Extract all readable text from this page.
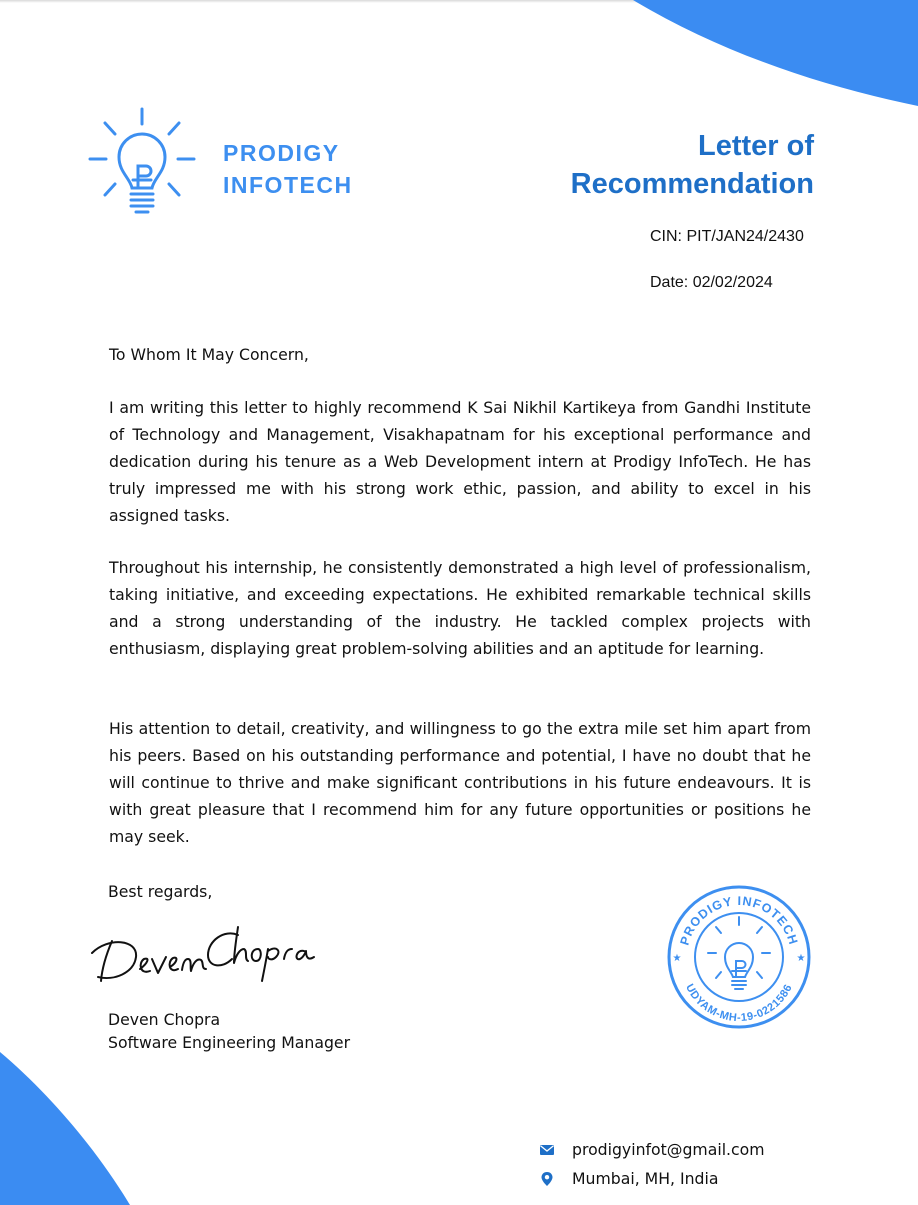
PRODIGY
INFOTECH
Letter of
Recommendation
CIN: PIT/JAN24/2430
Date: 02/02/2024
To Whom It May Concern,

I am writing this letter to highly recommend K Sai Nikhil Kartikeya from Gandhi Institute of Technology and Management, Visakhapatnam for his exceptional performance and dedication during his tenure as a Web Development intern at Prodigy InfoTech. He has truly impressed me with his strong work ethic, passion, and ability to excel in his assigned tasks.

Throughout his internship, he consistently demonstrated a high level of professionalism, taking initiative, and exceeding expectations. He exhibited remarkable technical skills and a strong understanding of the industry. He tackled complex projects with enthusiasm, displaying great problem-solving abilities and an aptitude for learning.

His attention to detail, creativity, and willingness to go the extra mile set him apart from his peers. Based on his outstanding performance and potential, I have no doubt that he will continue to thrive and make significant contributions in his future endeavours. It is with great pleasure that I recommend him for any future opportunities or positions he may seek.

Best regards,
Deven Chopra
Software Engineering Manager
PRODIGY INFOTECH
UDYAM-MH-19-0221586
★	★
prodigyinfot@gmail.com
Mumbai, MH, India
